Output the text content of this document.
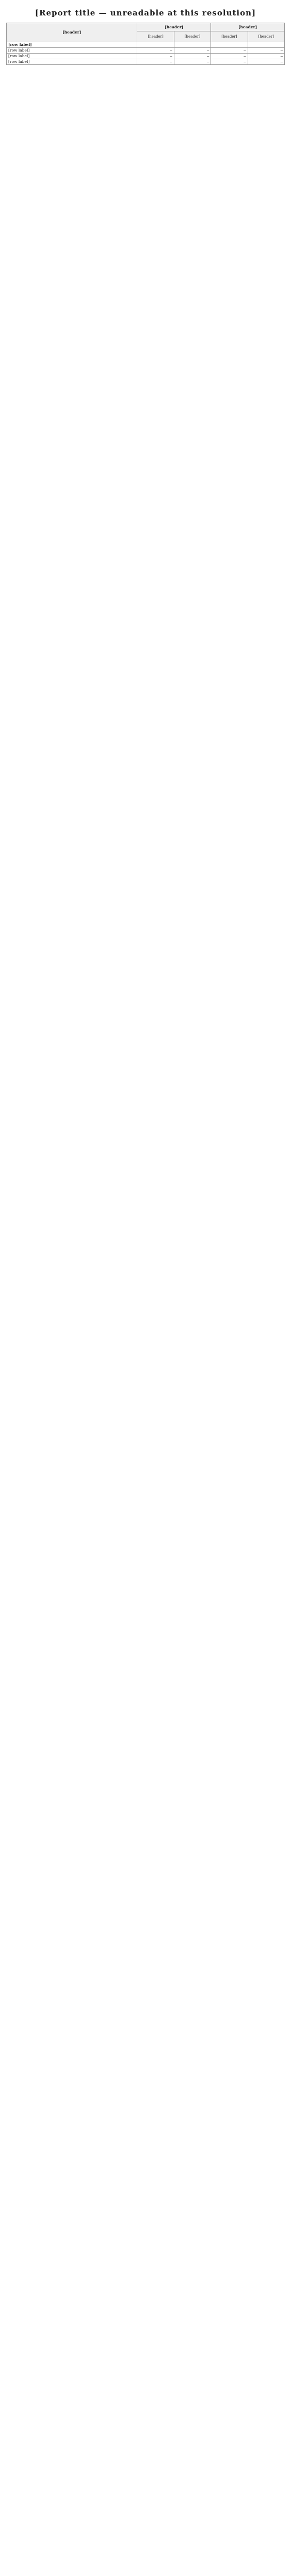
[Report title — unreadable at this resolution]
[header]	[header]		[header]	
	[header]	[header]	[header]	[header]
[row label]				
[row label]	—	—	—	—
[row label]	—	—	—	—
[row label]	—	—	—	—
